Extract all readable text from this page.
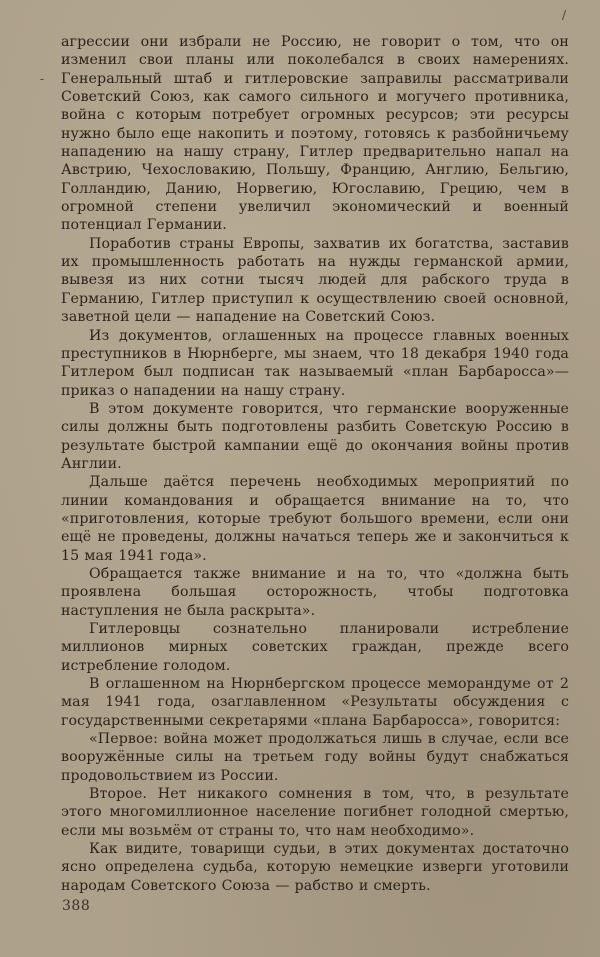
/
-

агрессии они избрали не Россию, не говорит о том, что он изменил свои планы или поколебался в своих намерениях. Генеральный штаб и гитлеровские заправилы рассматривали Советский Союз, как самого сильного и могучего противника, война с которым потребует огромных ресурсов; эти ресурсы нужно было еще накопить и поэтому, готовясь к разбойничьему нападению на нашу страну, Гитлер предварительно напал на Австрию, Чехословакию, Польшу, Францию, Англию, Бельгию, Голландию, Данию, Норвегию, Югославию, Грецию, чем в огромной степени увеличил экономический и военный потенциал Германии.

Поработив страны Европы, захватив их богатства, заставив их промышленность работать на нужды германской армии, вывезя из них сотни тысяч людей для рабского труда в Германию, Гитлер приступил к осуществлению своей основной, заветной цели — нападение на Советский Союз.

Из документов, оглашенных на процессе главных военных преступников в Нюрнберге, мы знаем, что 18 декабря 1940 года Гитлером был подписан так называемый «план Барбаросса»—приказ о нападении на нашу страну.

В этом документе говорится, что германские вооруженные силы должны быть подготовлены разбить Советскую Россию в результате быстрой кампании ещё до окончания войны против Англии.

Дальше даётся перечень необходимых мероприятий по линии командования и обращается внимание на то, что «приготовления, которые требуют большого времени, если они ещё не проведены, должны начаться теперь же и закончиться к 15 мая 1941 года».

Обращается также внимание и на то, что «должна быть проявлена большая осторожность, чтобы подготовка наступления не была раскрыта».

Гитлеровцы сознательно планировали истребление миллионов мирных советских граждан, прежде всего истребление голодом.

В оглашенном на Нюрнбергском процессе меморандуме от 2 мая 1941 года, озаглавленном «Результаты обсуждения с государственными секретарями «плана Барбаросса», говорится:

«Первое: война может продолжаться лишь в случае, если все вооружённые силы на третьем году войны будут снабжаться продовольствием из России.

Второе. Нет никакого сомнения в том, что, в результате этого многомиллионное население погибнет голодной смертью, если мы возьмём от страны то, что нам необходимо».

Как видите, товарищи судьи, в этих документах достаточно ясно определена судьба, которую немецкие изверги уготовили народам Советского Союза — рабство и смерть.

388
